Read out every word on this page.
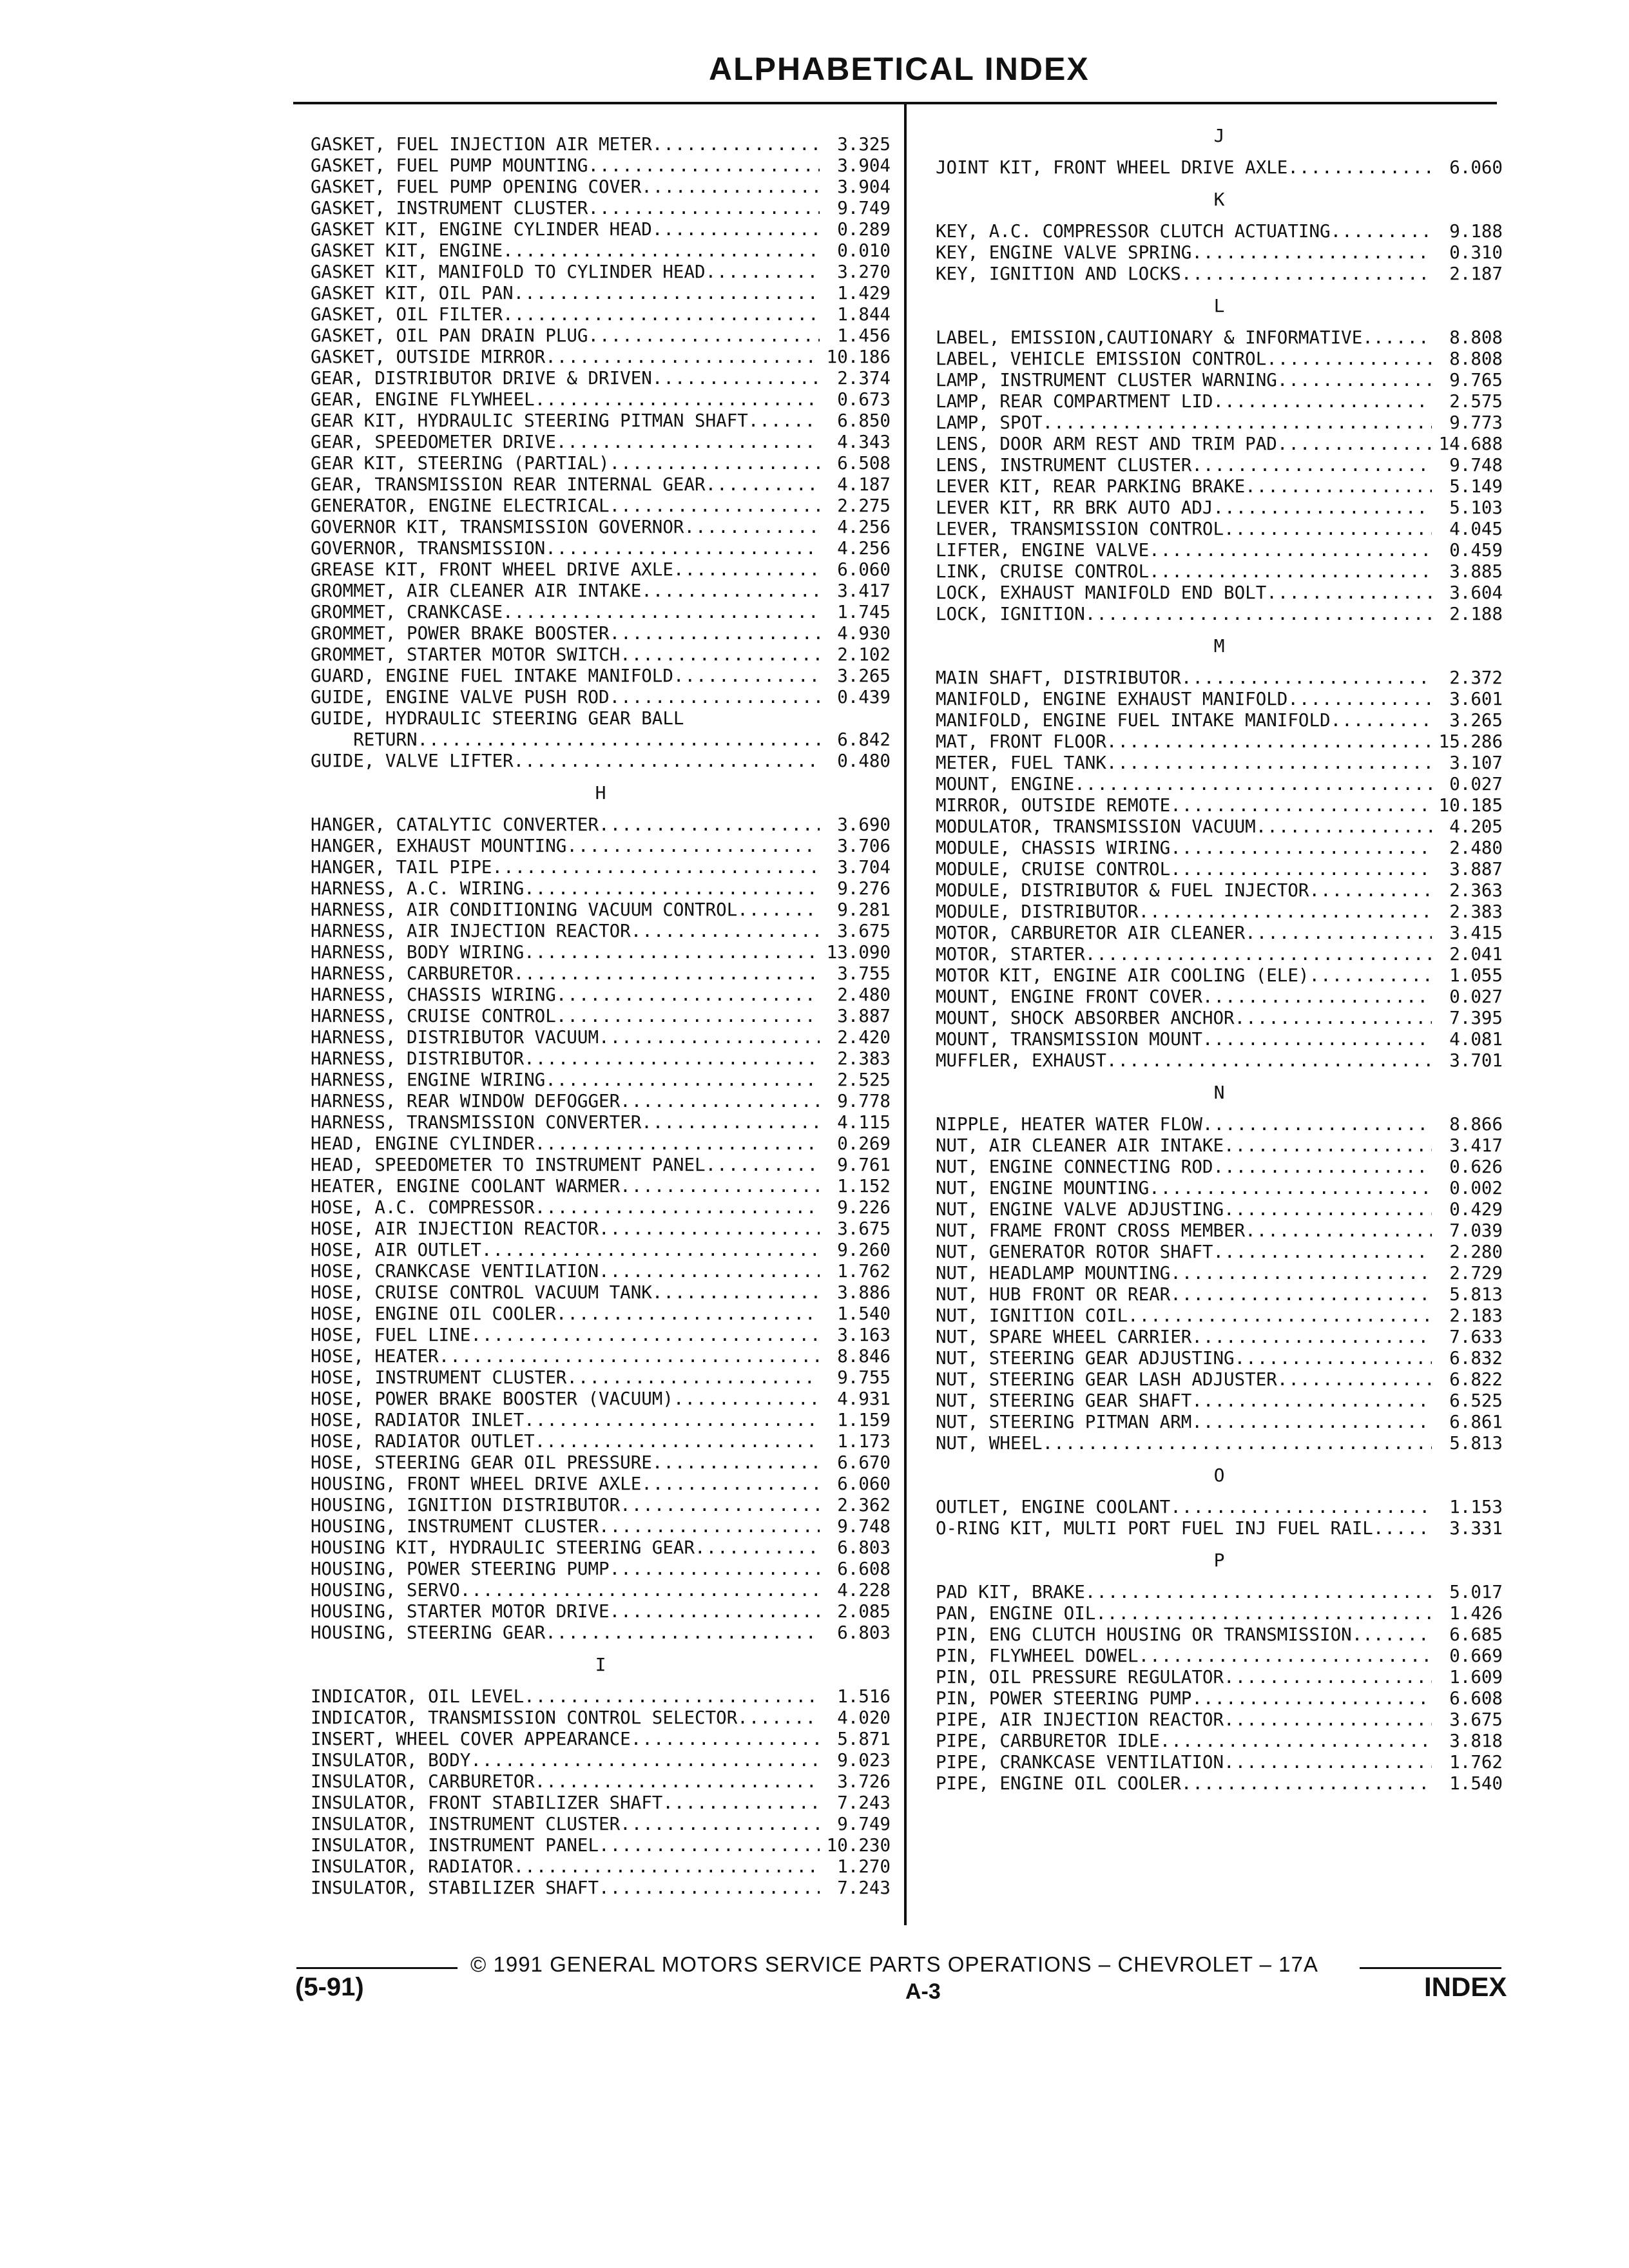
ALPHABETICAL INDEX
GASKET, FUEL INJECTION AIR METER .....	3.325
GASKET, FUEL PUMP MOUNTING .....	3.904
GASKET, FUEL PUMP OPENING COVER .....	3.904
GASKET, INSTRUMENT CLUSTER .....	9.749
GASKET KIT, ENGINE CYLINDER HEAD .....	0.289
GASKET KIT, ENGINE .....	0.010
GASKET KIT, MANIFOLD TO CYLINDER HEAD .....	3.270
GASKET KIT, OIL PAN .....	1.429
GASKET, OIL FILTER .....	1.844
GASKET, OIL PAN DRAIN PLUG .....	1.456
GASKET, OUTSIDE MIRROR .....	10.186
GEAR, DISTRIBUTOR DRIVE & DRIVEN .....	2.374
GEAR, ENGINE FLYWHEEL .....	0.673
GEAR KIT, HYDRAULIC STEERING PITMAN SHAFT .....	6.850
GEAR, SPEEDOMETER DRIVE .....	4.343
GEAR KIT, STEERING (PARTIAL) .....	6.508
GEAR, TRANSMISSION REAR INTERNAL GEAR .....	4.187
GENERATOR, ENGINE ELECTRICAL .....	2.275
GOVERNOR KIT, TRANSMISSION GOVERNOR .....	4.256
GOVERNOR, TRANSMISSION .....	4.256
GREASE KIT, FRONT WHEEL DRIVE AXLE .....	6.060
GROMMET, AIR CLEANER AIR INTAKE .....	3.417
GROMMET, CRANKCASE .....	1.745
GROMMET, POWER BRAKE BOOSTER .....	4.930
GROMMET, STARTER MOTOR SWITCH .....	2.102
GUARD, ENGINE FUEL INTAKE MANIFOLD .....	3.265
GUIDE, ENGINE VALVE PUSH ROD .....	0.439
GUIDE, HYDRAULIC STEERING GEAR BALL
RETURN .....	6.842
GUIDE, VALVE LIFTER .....	0.480
H
HANGER, CATALYTIC CONVERTER .....	3.690
HANGER, EXHAUST MOUNTING .....	3.706
HANGER, TAIL PIPE .....	3.704
HARNESS, A.C. WIRING .....	9.276
HARNESS, AIR CONDITIONING VACUUM CONTROL .....	9.281
HARNESS, AIR INJECTION REACTOR .....	3.675
HARNESS, BODY WIRING .....	13.090
HARNESS, CARBURETOR .....	3.755
HARNESS, CHASSIS WIRING .....	2.480
HARNESS, CRUISE CONTROL .....	3.887
HARNESS, DISTRIBUTOR VACUUM .....	2.420
HARNESS, DISTRIBUTOR .....	2.383
HARNESS, ENGINE WIRING .....	2.525
HARNESS, REAR WINDOW DEFOGGER .....	9.778
HARNESS, TRANSMISSION CONVERTER .....	4.115
HEAD, ENGINE CYLINDER .....	0.269
HEAD, SPEEDOMETER TO INSTRUMENT PANEL .....	9.761
HEATER, ENGINE COOLANT WARMER .....	1.152
HOSE, A.C. COMPRESSOR .....	9.226
HOSE, AIR INJECTION REACTOR .....	3.675
HOSE, AIR OUTLET .....	9.260
HOSE, CRANKCASE VENTILATION .....	1.762
HOSE, CRUISE CONTROL VACUUM TANK .....	3.886
HOSE, ENGINE OIL COOLER .....	1.540
HOSE, FUEL LINE .....	3.163
HOSE, HEATER .....	8.846
HOSE, INSTRUMENT CLUSTER .....	9.755
HOSE, POWER BRAKE BOOSTER (VACUUM) .....	4.931
HOSE, RADIATOR INLET .....	1.159
HOSE, RADIATOR OUTLET .....	1.173
HOSE, STEERING GEAR OIL PRESSURE .....	6.670
HOUSING, FRONT WHEEL DRIVE AXLE .....	6.060
HOUSING, IGNITION DISTRIBUTOR .....	2.362
HOUSING, INSTRUMENT CLUSTER .....	9.748
HOUSING KIT, HYDRAULIC STEERING GEAR .....	6.803
HOUSING, POWER STEERING PUMP .....	6.608
HOUSING, SERVO .....	4.228
HOUSING, STARTER MOTOR DRIVE .....	2.085
HOUSING, STEERING GEAR .....	6.803
I
INDICATOR, OIL LEVEL .....	1.516
INDICATOR, TRANSMISSION CONTROL SELECTOR .....	4.020
INSERT, WHEEL COVER APPEARANCE .....	5.871
INSULATOR, BODY .....	9.023
INSULATOR, CARBURETOR .....	3.726
INSULATOR, FRONT STABILIZER SHAFT .....	7.243
INSULATOR, INSTRUMENT CLUSTER .....	9.749
INSULATOR, INSTRUMENT PANEL .....	10.230
INSULATOR, RADIATOR .....	1.270
INSULATOR, STABILIZER SHAFT .....	7.243
J
JOINT KIT, FRONT WHEEL DRIVE AXLE .....	6.060
K
KEY, A.C. COMPRESSOR CLUTCH ACTUATING .....	9.188
KEY, ENGINE VALVE SPRING .....	0.310
KEY, IGNITION AND LOCKS .....	2.187
L
LABEL, EMISSION,CAUTIONARY & INFORMATIVE. .....	8.808
LABEL, VEHICLE EMISSION CONTROL .....	8.808
LAMP, INSTRUMENT CLUSTER WARNING .....	9.765
LAMP, REAR COMPARTMENT LID .....	2.575
LAMP, SPOT .....	9.773
LENS, DOOR ARM REST AND TRIM PAD .....	14.688
LENS, INSTRUMENT CLUSTER .....	9.748
LEVER KIT, REAR PARKING BRAKE .....	5.149
LEVER KIT, RR BRK AUTO ADJ .....	5.103
LEVER, TRANSMISSION CONTROL .....	4.045
LIFTER, ENGINE VALVE .....	0.459
LINK, CRUISE CONTROL .....	3.885
LOCK, EXHAUST MANIFOLD END BOLT .....	3.604
LOCK, IGNITION .....	2.188
M
MAIN SHAFT, DISTRIBUTOR .....	2.372
MANIFOLD, ENGINE EXHAUST MANIFOLD .....	3.601
MANIFOLD, ENGINE FUEL INTAKE MANIFOLD .....	3.265
MAT, FRONT FLOOR .....	15.286
METER, FUEL TANK .....	3.107
MOUNT, ENGINE .....	0.027
MIRROR, OUTSIDE REMOTE .....	10.185
MODULATOR, TRANSMISSION VACUUM .....	4.205
MODULE, CHASSIS WIRING .....	2.480
MODULE, CRUISE CONTROL .....	3.887
MODULE, DISTRIBUTOR & FUEL INJECTOR .....	2.363
MODULE, DISTRIBUTOR .....	2.383
MOTOR, CARBURETOR AIR CLEANER .....	3.415
MOTOR, STARTER .....	2.041
MOTOR KIT, ENGINE AIR COOLING (ELE) .....	1.055
MOUNT, ENGINE FRONT COVER .....	0.027
MOUNT, SHOCK ABSORBER ANCHOR .....	7.395
MOUNT, TRANSMISSION MOUNT .....	4.081
MUFFLER, EXHAUST .....	3.701
N
NIPPLE, HEATER WATER FLOW .....	8.866
NUT, AIR CLEANER AIR INTAKE .....	3.417
NUT, ENGINE CONNECTING ROD .....	0.626
NUT, ENGINE MOUNTING .....	0.002
NUT, ENGINE VALVE ADJUSTING .....	0.429
NUT, FRAME FRONT CROSS MEMBER .....	7.039
NUT, GENERATOR ROTOR SHAFT .....	2.280
NUT, HEADLAMP MOUNTING .....	2.729
NUT, HUB FRONT OR REAR .....	5.813
NUT, IGNITION COIL .....	2.183
NUT, SPARE WHEEL CARRIER .....	7.633
NUT, STEERING GEAR ADJUSTING .....	6.832
NUT, STEERING GEAR LASH ADJUSTER .....	6.822
NUT, STEERING GEAR SHAFT .....	6.525
NUT, STEERING PITMAN ARM .....	6.861
NUT, WHEEL .....	5.813
O
OUTLET, ENGINE COOLANT .....	1.153
O-RING KIT, MULTI PORT FUEL INJ FUEL RAIL .....	3.331
P
PAD KIT, BRAKE .....	5.017
PAN, ENGINE OIL .....	1.426
PIN, ENG CLUTCH HOUSING OR TRANSMISSION.. .....	6.685
PIN, FLYWHEEL DOWEL .....	0.669
PIN, OIL PRESSURE REGULATOR .....	1.609
PIN, POWER STEERING PUMP .....	6.608
PIPE, AIR INJECTION REACTOR .....	3.675
PIPE, CARBURETOR IDLE .....	3.818
PIPE, CRANKCASE VENTILATION .....	1.762
PIPE, ENGINE OIL COOLER .....	1.540
© 1991 GENERAL MOTORS SERVICE PARTS OPERATIONS – CHEVROLET – 17A
(5-91)	A-3	INDEX
